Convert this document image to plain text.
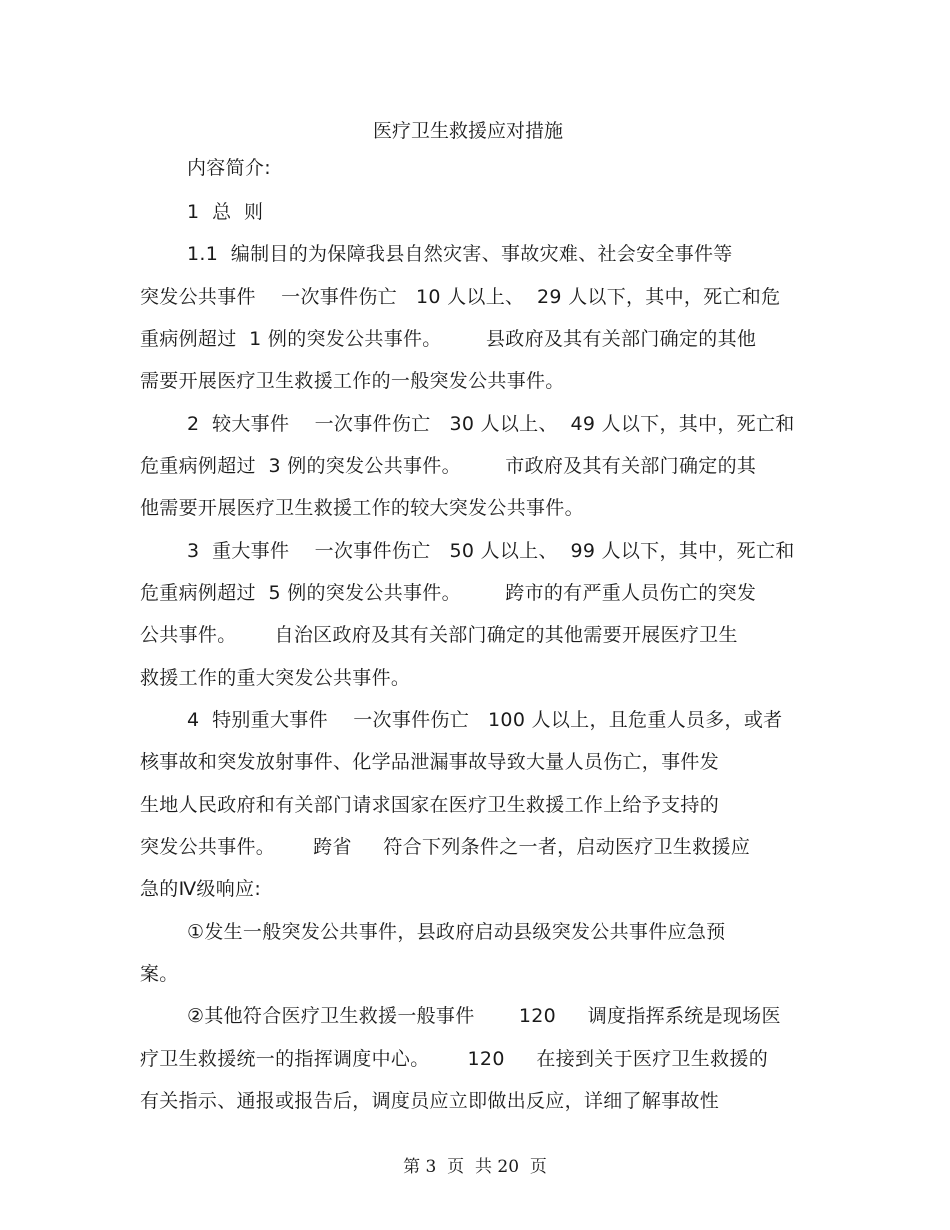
医疗卫生救援应对措施
内容简介:
1  总  则
1.1  编制目的为保障我县自然灾害、事故灾难、社会安全事件等
突发公共事件    一次事件伤亡   10 人以上、  29 人以下，其中，死亡和危
重病例超过  1 例的突发公共事件。       县政府及其有关部门确定的其他
需要开展医疗卫生救援工作的一般突发公共事件。
2  较大事件    一次事件伤亡   30 人以上、  49 人以下，其中，死亡和
危重病例超过  3 例的突发公共事件。       市政府及其有关部门确定的其
他需要开展医疗卫生救援工作的较大突发公共事件。
3  重大事件    一次事件伤亡   50 人以上、  99 人以下，其中，死亡和
危重病例超过  5 例的突发公共事件。       跨市的有严重人员伤亡的突发
公共事件。      自治区政府及其有关部门确定的其他需要开展医疗卫生
救援工作的重大突发公共事件。
4  特别重大事件    一次事件伤亡   100 人以上，且危重人员多，或者
核事故和突发放射事件、化学品泄漏事故导致大量人员伤亡，事件发
生地人民政府和有关部门请求国家在医疗卫生救援工作上给予支持的
突发公共事件。      跨省     符合下列条件之一者，启动医疗卫生救援应
急的Ⅳ级响应:
①发生一般突发公共事件，县政府启动县级突发公共事件应急预
案。
②其他符合医疗卫生救援一般事件       120     调度指挥系统是现场医
疗卫生救援统一的指挥调度中心。      120     在接到关于医疗卫生救援的
有关指示、通报或报告后，调度员应立即做出反应，详细了解事故性
第 3  页  共 20  页
